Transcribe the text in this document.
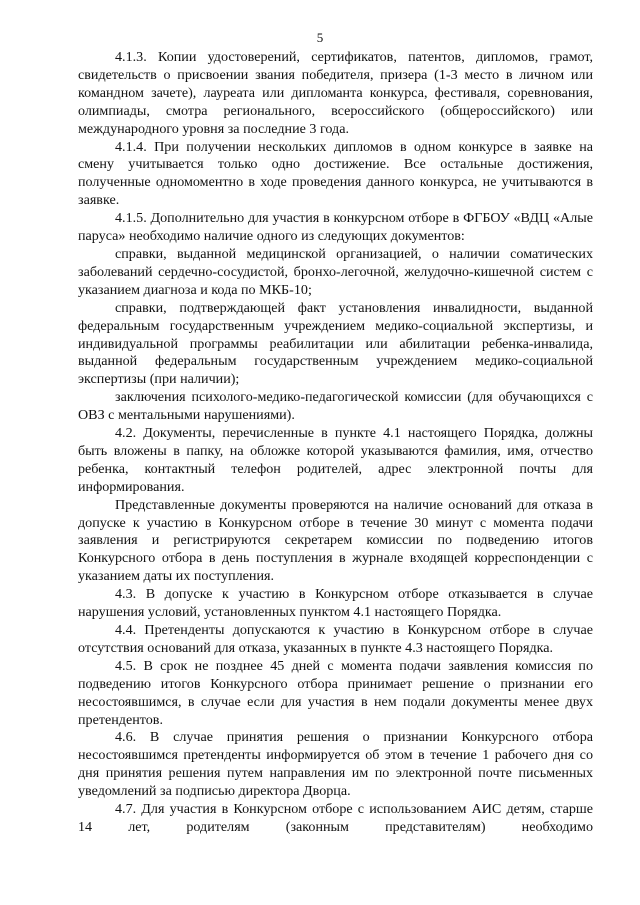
5

4.1.3. Копии удостоверений, сертификатов, патентов, дипломов, грамот, свидетельств о присвоении звания победителя, призера (1-3 место в личном или командном зачете), лауреата или дипломанта конкурса, фестиваля, соревнования, олимпиады, смотра регионального, всероссийского (общероссийского) или международного уровня за последние 3 года.

4.1.4. При получении нескольких дипломов в одном конкурсе в заявке на смену учитывается только одно достижение. Все остальные достижения, полученные одномоментно в ходе проведения данного конкурса, не учитываются в заявке.

4.1.5. Дополнительно для участия в конкурсном отборе в ФГБОУ «ВДЦ «Алые паруса» необходимо наличие одного из следующих документов:

справки, выданной медицинской организацией, о наличии соматических заболеваний сердечно-сосудистой, бронхо-легочной, желудочно-кишечной систем с указанием диагноза и кода по МКБ-10;

справки, подтверждающей факт установления инвалидности, выданной федеральным государственным учреждением медико-социальной экспертизы, и индивидуальной программы реабилитации или абилитации ребенка-инвалида, выданной федеральным государственным учреждением медико-социальной экспертизы (при наличии);

заключения психолого-медико-педагогической комиссии (для обучающихся с ОВЗ с ментальными нарушениями).

4.2. Документы, перечисленные в пункте 4.1 настоящего Порядка, должны быть вложены в папку, на обложке которой указываются фамилия, имя, отчество ребенка, контактный телефон родителей, адрес электронной почты для информирования.

Представленные документы проверяются на наличие оснований для отказа в допуске к участию в Конкурсном отборе в течение 30 минут с момента подачи заявления и регистрируются секретарем комиссии по подведению итогов Конкурсного отбора в день поступления в журнале входящей корреспонденции с указанием даты их поступления.

4.3. В допуске к участию в Конкурсном отборе отказывается в случае нарушения условий, установленных пунктом 4.1 настоящего Порядка.

4.4. Претенденты допускаются к участию в Конкурсном отборе в случае отсутствия оснований для отказа, указанных в пункте 4.3 настоящего Порядка.

4.5. В срок не позднее 45 дней с момента подачи заявления комиссия по подведению итогов Конкурсного отбора принимает решение о признании его несостоявшимся, в случае если для участия в нем подали документы менее двух претендентов.

4.6. В случае принятия решения о признании Конкурсного отбора несостоявшимся претенденты информируется об этом в течение 1 рабочего дня со дня принятия решения путем направления им по электронной почте письменных уведомлений за подписью директора Дворца.

4.7. Для участия в Конкурсном отборе с использованием АИС детям, старше 14 лет, родителям (законным представителям) необходимо
